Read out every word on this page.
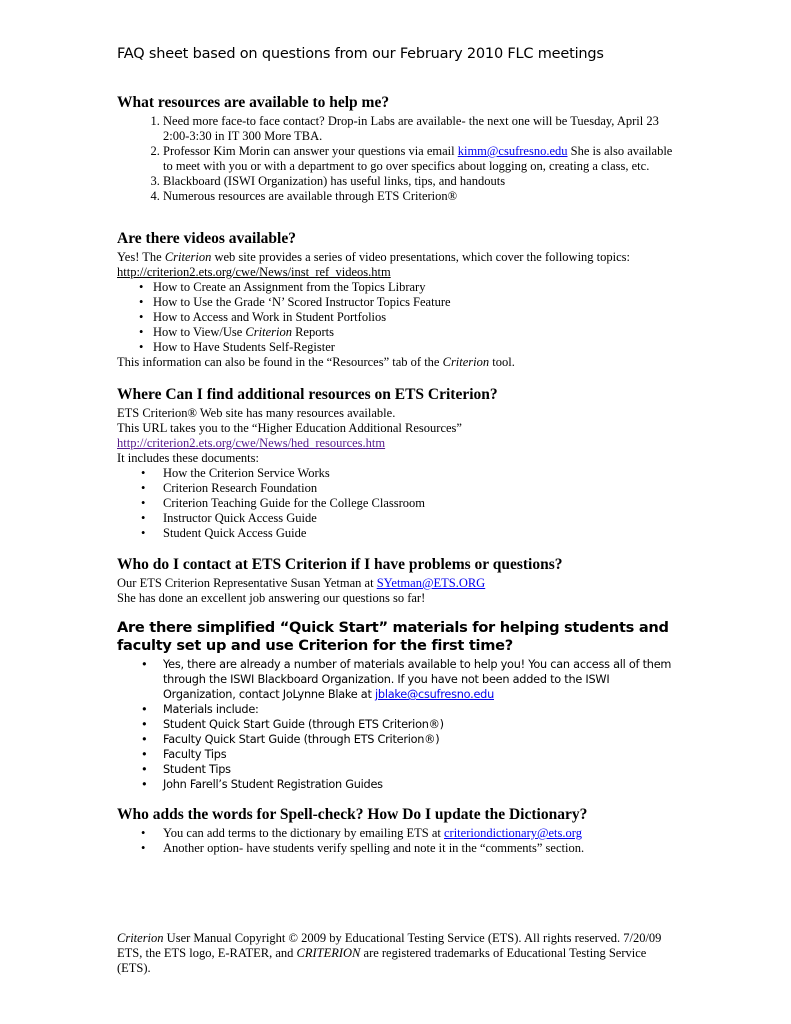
FAQ sheet based on questions from our February 2010 FLC meetings
What resources are available to help me?
1. Need more face-to face contact? Drop-in Labs are available- the next one will be Tuesday, April 23 2:00-3:30 in IT 300 More TBA.
2. Professor Kim Morin can answer your questions via email kimm@csufresno.edu She is also available to meet with you or with a department to go over specifics about logging on, creating a class, etc.
3. Blackboard (ISWI Organization) has useful links, tips, and handouts
4. Numerous resources are available through ETS Criterion®
Are there videos available?

Yes! The Criterion web site provides a series of video presentations, which cover the following topics:

http://criterion2.ets.org/cwe/News/inst_ref_videos.htm

• How to Create an Assignment from the Topics Library
• How to Use the Grade ‘N’ Scored Instructor Topics Feature
• How to Access and Work in Student Portfolios
• How to View/Use Criterion Reports
• How to Have Students Self-Register

This information can also be found in the “Resources” tab of the Criterion tool.

Where Can I find additional resources on ETS Criterion?

ETS Criterion® Web site has many resources available.

This URL takes you to the “Higher Education Additional Resources”

http://criterion2.ets.org/cwe/News/hed_resources.htm

It includes these documents:

• How the Criterion Service Works
• Criterion Research Foundation
• Criterion Teaching Guide for the College Classroom
• Instructor Quick Access Guide
• Student Quick Access Guide
Who do I contact at ETS Criterion if I have problems or questions?

Our ETS Criterion Representative Susan Yetman at SYetman@ETS.ORG

She has done an excellent job answering our questions so far!

Are there simplified “Quick Start” materials for helping students and faculty set up and use Criterion for the first time?
• Yes, there are already a number of materials available to help you! You can access all of them through the ISWI Blackboard Organization. If you have not been added to the ISWI Organization, contact JoLynne Blake at jblake@csufresno.edu
• Materials include:
• Student Quick Start Guide (through ETS Criterion®)
• Faculty Quick Start Guide (through ETS Criterion®)
• Faculty Tips
• Student Tips
• John Farell’s Student Registration Guides
Who adds the words for Spell-check? How Do I update the Dictionary?
• You can add terms to the dictionary by emailing ETS at criteriondictionary@ets.org
• Another option- have students verify spelling and note it in the “comments” section.
Criterion User Manual Copyright © 2009 by Educational Testing Service (ETS). All rights reserved. 7/20/09 ETS, the ETS logo, E-RATER, and CRITERION are registered trademarks of Educational Testing Service (ETS).
